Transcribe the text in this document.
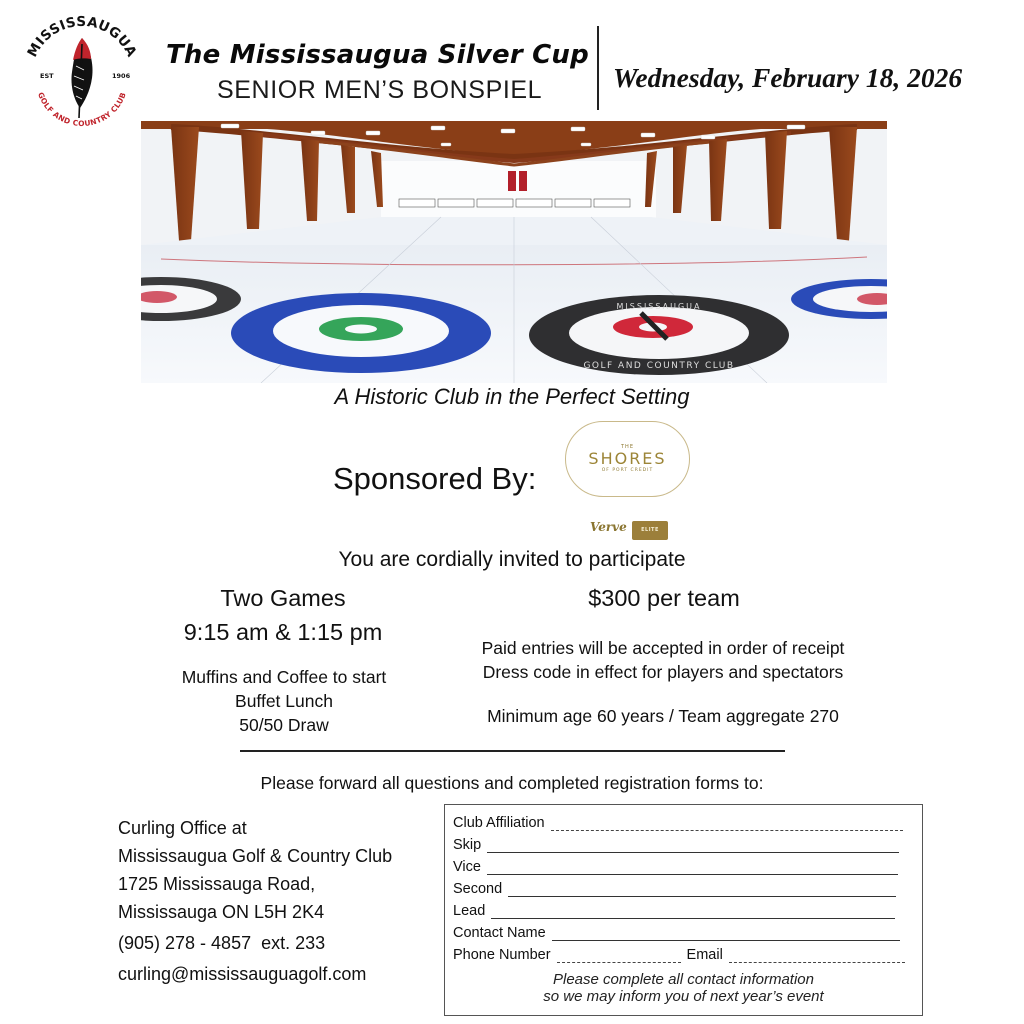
MISSISSAUGUA
GOLF AND COUNTRY CLUB
EST	1906
The Mississaugua Silver Cup
SENIOR MEN’S BONSPIEL	Wednesday, February 18, 2026
MISSISSAUGUA
GOLF AND COUNTRY CLUB
A Historic Club in the Perfect Setting
Sponsored By:
THE
SHORES
OF PORT CREDIT
Verve	ELITE
You are cordially invited to participate
Two Games
9:15 am & 1:15 pm
Muffins and Coffee to start
Buffet Lunch
50/50 Draw
$300 per team
Paid entries will be accepted in order of receipt
Dress code in effect for players and spectators
Minimum age 60 years / Team aggregate 270
Please forward all questions and completed registration forms to:
Curling Office at
Mississaugua Golf & Country Club
1725 Mississauga Road,
Mississauga ON L5H 2K4
(905) 278 - 4857  ext. 233
curling@mississauguagolf.com
Club Affiliation
Skip
Vice
Second
Lead
Contact Name
Phone Number	Email
Please complete all contact information
so we may inform you of next year’s event
